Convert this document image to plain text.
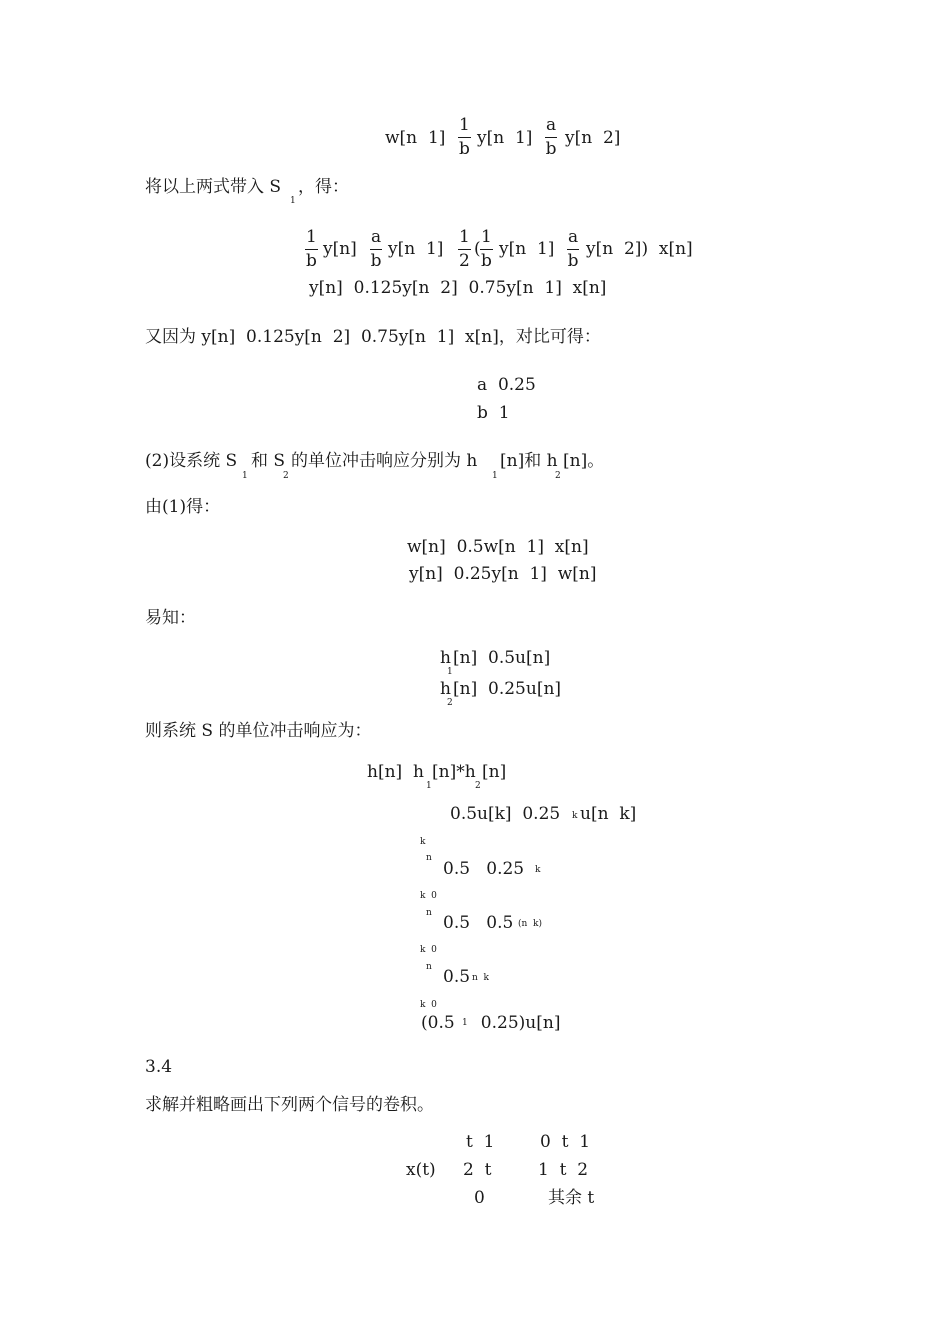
w[n  $1] \frac{1}{b} y[n$  $1] \frac{a}{b} y[n$  2]
将以上两式带入 S
1
，得：
$\frac{1}{b} y[n] \frac{a}{b} y[n$  $1] \frac{1}{2}$ ( $\frac{1}{b} y[n$  $1] \frac{a}{b} y[n$  2])  x[n]
y[n]  0.125y[n  2]  0.75y[n  1]  x[n]
又因为 y[n]  0.125y[n  2]  0.75y[n  1]  x[n]，对比可得：
a  0.25
b  1
(2)设系统 S
1
和 S
2
的单位冲击响应分别为 h
1
[n]和 h
2
[n]。
由(1)得：
w[n]  0.5w[n  1]  x[n]
y[n]  0.25y[n  1]  w[n]
易知：
h
1
[n]  0.5u[n]
h
2
[n]  0.25u[n]
则系统 S 的单位冲击响应为：
h[n]  h
1
[n]*h
2
[n]
0.5u[k]  0.25 k u[n  k]
k
n
0.5   0.25 k
k  0
n 0.5   0.5 (n  k)
k  0
n 0.5 n  k
k  0
(0.5 1 0.25)u[n]
3.4
求解并粗略画出下列两个信号的卷积。
t  1	0  t  1
x(t) 2  t	1  t  2
0	其余 t
